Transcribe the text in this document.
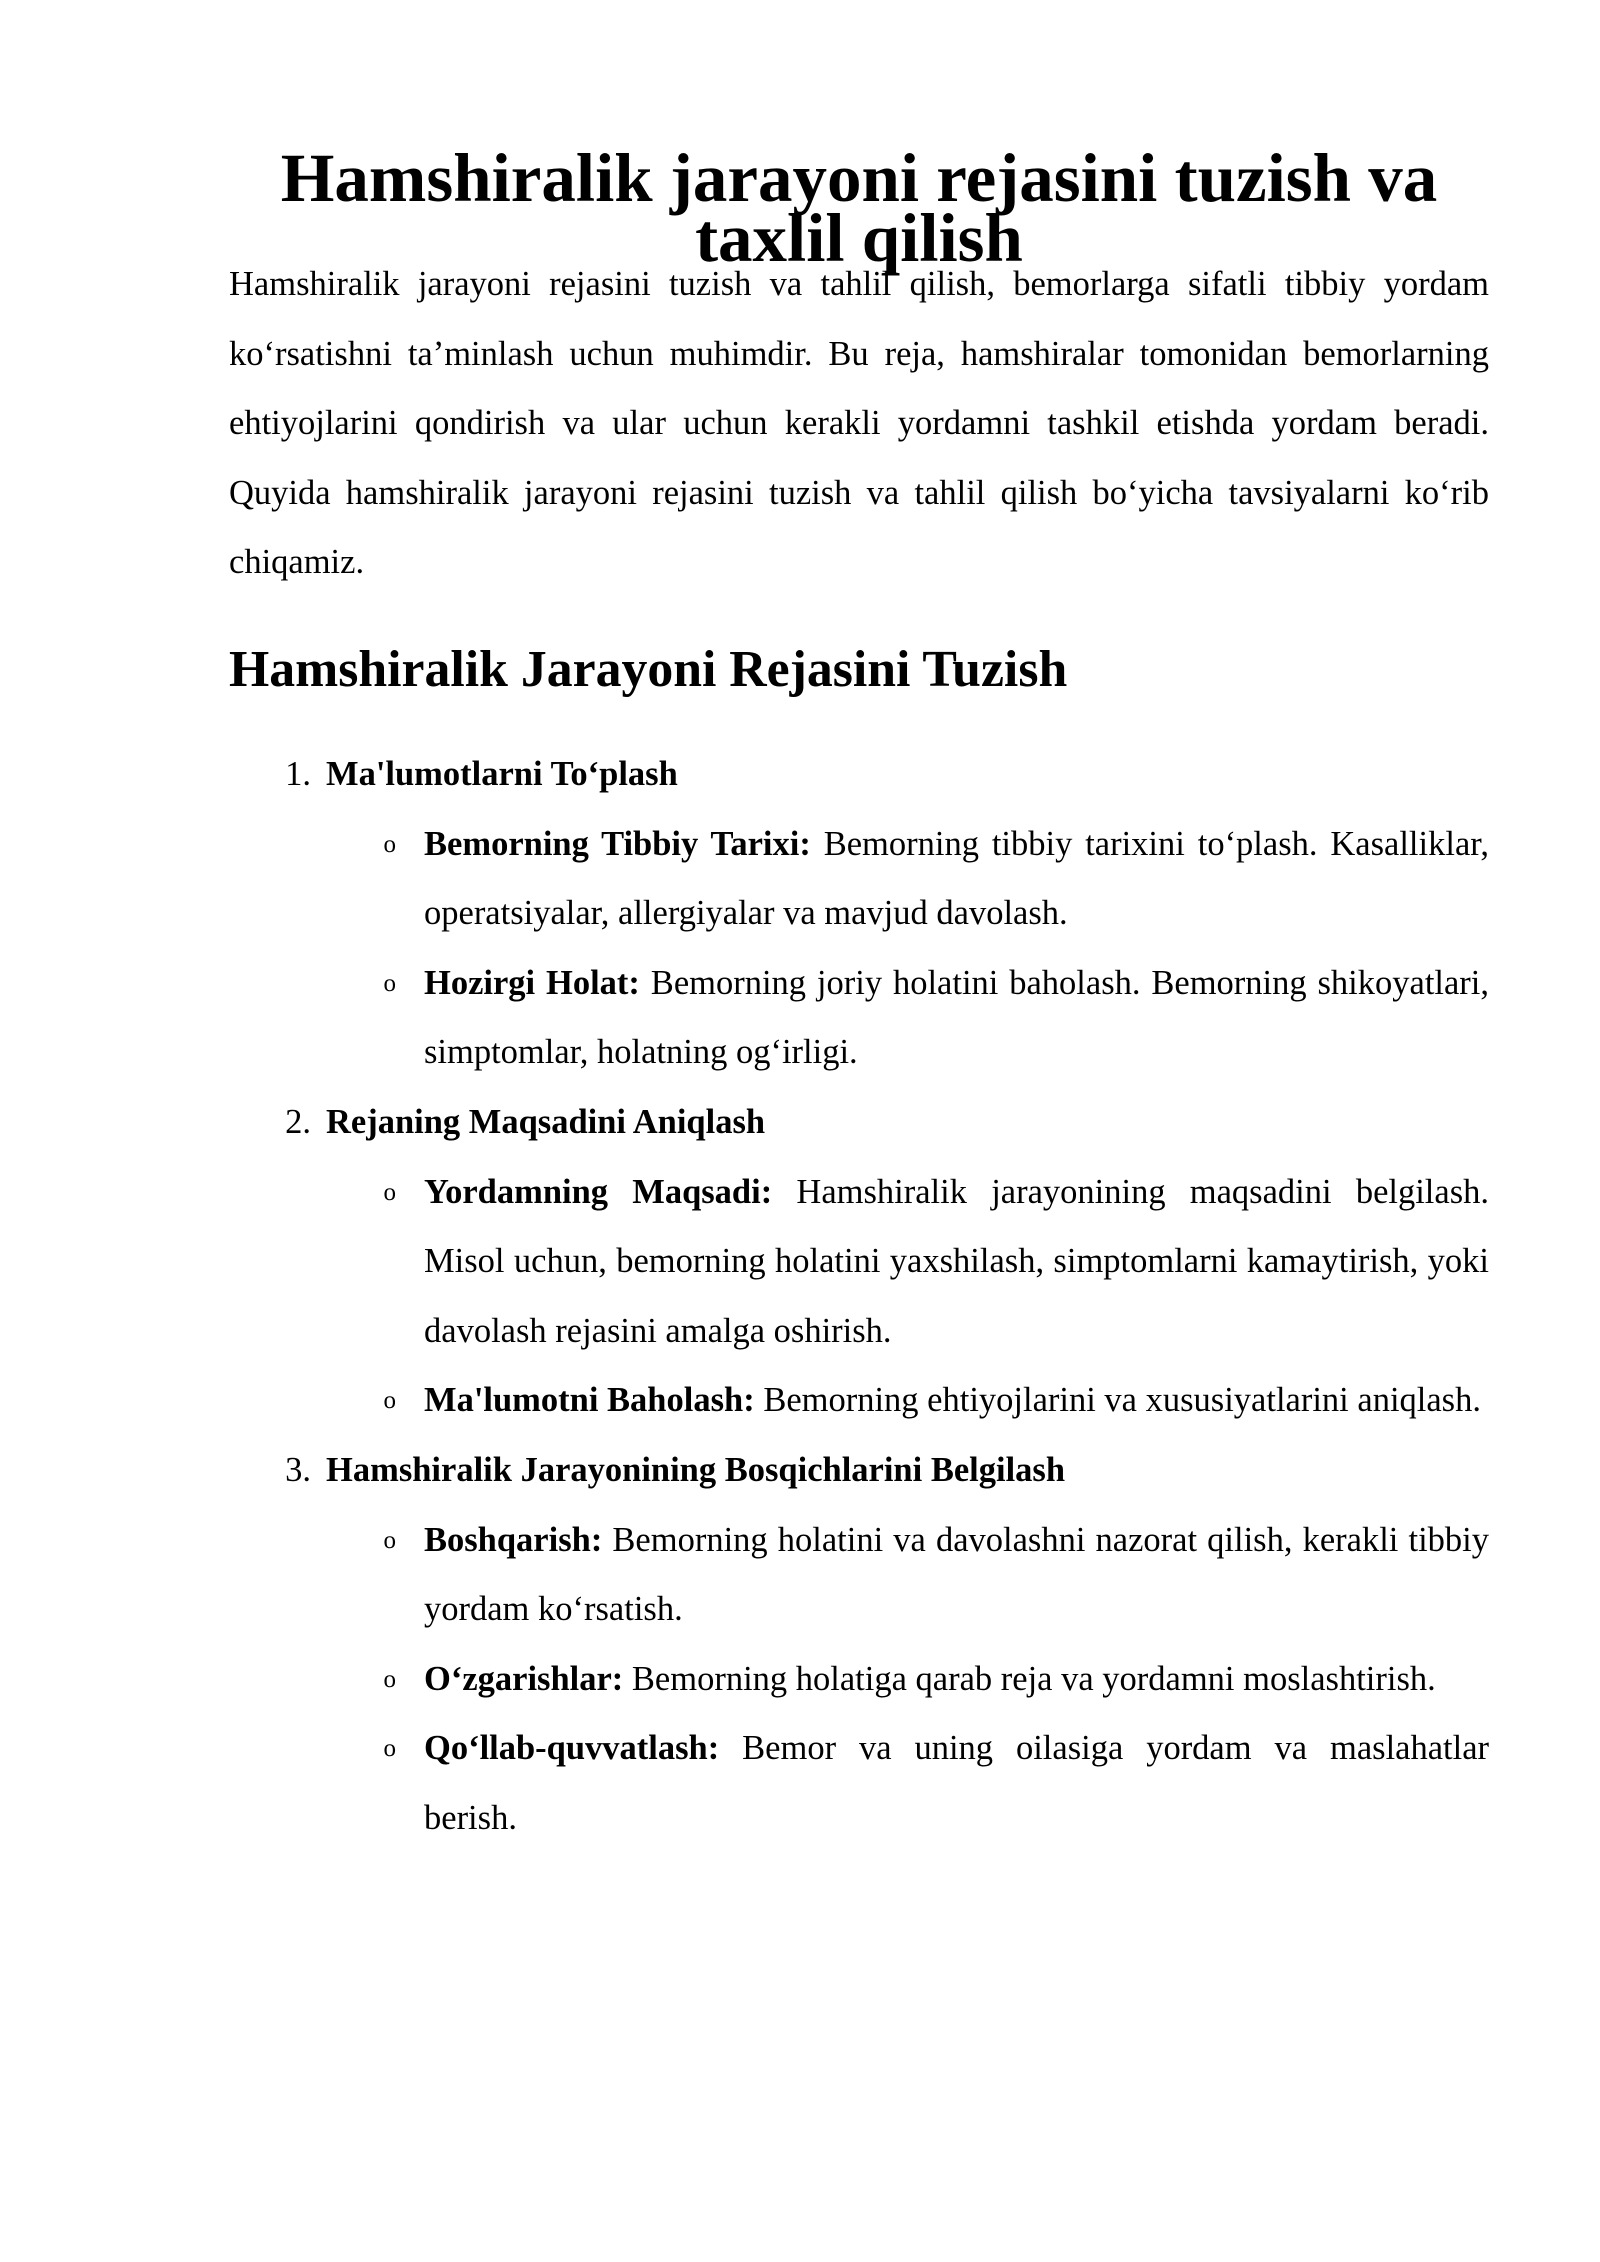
Hamshiralik jarayoni rejasini tuzish va taxlil qilish

Hamshiralik jarayoni rejasini tuzish va tahlil qilish, bemorlarga sifatli tibbiy yordam koʻrsatishni taʼminlash uchun muhimdir. Bu reja, hamshiralar tomonidan bemorlarning ehtiyojlarini qondirish va ular uchun kerakli yordamni tashkil etishda yordam beradi. Quyida hamshiralik jarayoni rejasini tuzish va tahlil qilish boʻyicha tavsiyalarni koʻrib chiqamiz.

Hamshiralik Jarayoni Rejasini Tuzish
1. Ma'lumotlarni Toʻplash
o Bemorning Tibbiy Tarixi: Bemorning tibbiy tarixini toʻplash. Kasalliklar, operatsiyalar, allergiyalar va mavjud davolash.
o Hozirgi Holat: Bemorning joriy holatini baholash. Bemorning shikoyatlari, simptomlar, holatning ogʻirligi.
2. Rejaning Maqsadini Aniqlash
o Yordamning Maqsadi: Hamshiralik jarayonining maqsadini belgilash. Misol uchun, bemorning holatini yaxshilash, simptomlarni kamaytirish, yoki davolash rejasini amalga oshirish.
o Ma'lumotni Baholash: Bemorning ehtiyojlarini va xususiyatlarini aniqlash.
3. Hamshiralik Jarayonining Bosqichlarini Belgilash
o Boshqarish: Bemorning holatini va davolashni nazorat qilish, kerakli tibbiy yordam koʻrsatish.
o Oʻzgarishlar: Bemorning holatiga qarab reja va yordamni moslashtirish.
o Qoʻllab-quvvatlash: Bemor va uning oilasiga yordam va maslahatlar berish.
